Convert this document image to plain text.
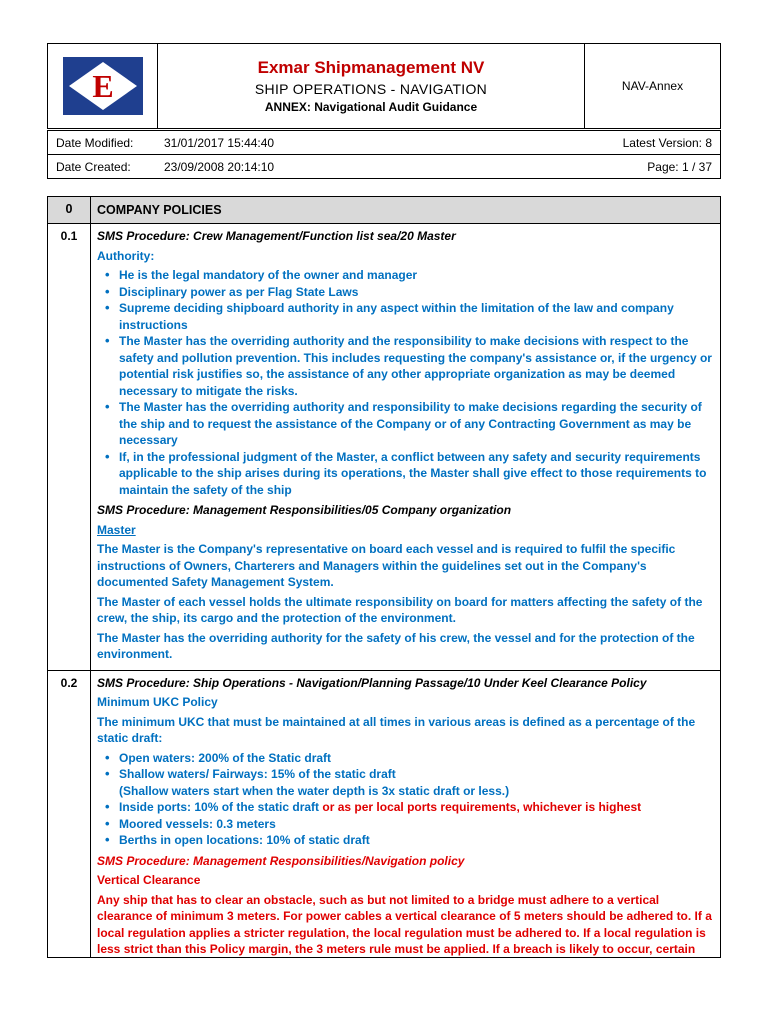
E
Exmar Shipmanagement NV
SHIP OPERATIONS - NAVIGATION
ANNEX: Navigational Audit Guidance
NAV-Annex
Date Modified:	31/01/2017 15:44:40	Latest Version: 8
Date Created:	23/09/2008 20:14:10	Page: 1 / 37
0	COMPANY POLICIES
0.1	SMS Procedure: Crew Management/Function list sea/20 Master
Authority:
• He is the legal mandatory of the owner and manager
• Disciplinary power as per Flag State Laws
• Supreme deciding shipboard authority in any aspect within the limitation of the law and company instructions
• The Master has the overriding authority and the responsibility to make decisions with respect to the safety and pollution prevention. This includes requesting the company's assistance or, if the urgency or potential risk justifies so, the assistance of any other appropriate organization as may be deemed necessary to mitigate the risks.
• The Master has the overriding authority and responsibility to make decisions regarding the security of the ship and to request the assistance of the Company or of any Contracting Government as may be necessary
• If, in the professional judgment of the Master, a conflict between any safety and security requirements applicable to the ship arises during its operations, the Master shall give effect to those requirements to maintain the safety of the ship
SMS Procedure: Management Responsibilities/05 Company organization
Master
The Master is the Company's representative on board each vessel and is required to fulfil the specific instructions of Owners, Charterers and Managers within the guidelines set out in the Company's documented Safety Management System.
The Master of each vessel holds the ultimate responsibility on board for matters affecting the safety of the crew, the ship, its cargo and the protection of the environment.
The Master has the overriding authority for the safety of his crew, the vessel and for the protection of the environment.
0.2	SMS Procedure: Ship Operations - Navigation/Planning Passage/10 Under Keel Clearance Policy
Minimum UKC Policy
The minimum UKC that must be maintained at all times in various areas is defined as a percentage of the static draft:
• Open waters: 200% of the Static draft
• Shallow waters/ Fairways: 15% of the static draft
(Shallow waters start when the water depth is 3x static draft or less.)
• Inside ports: 10% of the static draft or as per local ports requirements, whichever is highest
• Moored vessels: 0.3 meters
• Berths in open locations: 10% of static draft
SMS Procedure: Management Responsibilities/Navigation policy
Vertical Clearance
Any ship that has to clear an obstacle, such as but not limited to a bridge must adhere to a vertical clearance of minimum 3 meters. For power cables a vertical clearance of 5 meters should be adhered to. If a local regulation applies a stricter regulation, the local regulation must be adhered to. If a local regulation is less strict than this Policy margin, the 3 meters rule must be applied. If a breach is likely to occur, certain
